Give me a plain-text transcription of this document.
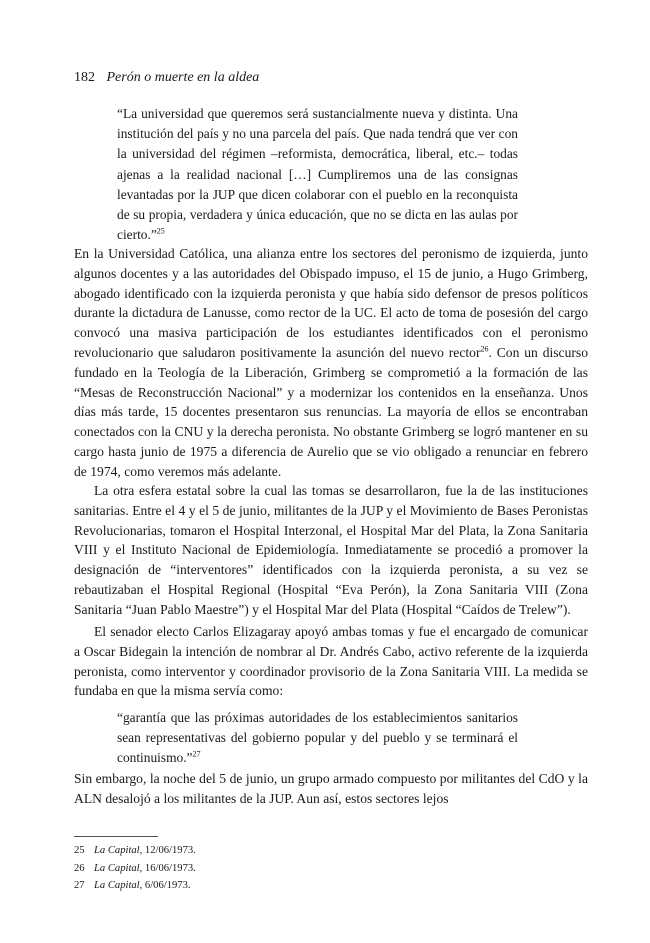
182 Perón o muerte en la aldea

“La universidad que queremos será sustancialmente nueva y distinta. Una institución del país y no una parcela del país. Que nada tendrá que ver con la universidad del régimen –reformista, democrática, liberal, etc.– todas ajenas a la realidad nacional […] Cumpliremos una de las consignas levantadas por la JUP que dicen colaborar con el pueblo en la reconquista de su propia, verdadera y única educación, que no se dicta en las aulas por cierto.”$^{25}$

En la Universidad Católica, una alianza entre los sectores del peronismo de izquierda, junto algunos docentes y a las autoridades del Obispado impuso, el 15 de junio, a Hugo Grimberg, abogado identificado con la izquierda peronista y que había sido defensor de presos políticos durante la dictadura de Lanusse, como rector de la UC. El acto de toma de posesión del cargo convocó una masiva participación de los estudiantes identificados con el peronismo revolucionario que saludaron positivamente la asunción del nuevo rector$^{26}$. Con un discurso fundado en la Teología de la Liberación, Grimberg se comprometió a la formación de las “Mesas de Reconstrucción Nacional” y a modernizar los contenidos en la enseñanza. Unos días más tarde, 15 docentes presentaron sus renuncias. La mayoría de ellos se encontraban conectados con la CNU y la derecha peronista. No obstante Grimberg se logró mantener en su cargo hasta junio de 1975 a diferencia de Aurelio que se vio obligado a renunciar en febrero de 1974, como veremos más adelante.

La otra esfera estatal sobre la cual las tomas se desarrollaron, fue la de las instituciones sanitarias. Entre el 4 y el 5 de junio, militantes de la JUP y el Movimiento de Bases Peronistas Revolucionarias, tomaron el Hospital Interzonal, el Hospital Mar del Plata, la Zona Sanitaria VIII y el Instituto Nacional de Epidemiología. Inmediatamente se procedió a promover la designación de “interventores” identificados con la izquierda peronista, a su vez se rebautizaban el Hospital Regional (Hospital “Eva Perón), la Zona Sanitaria VIII (Zona Sanitaria “Juan Pablo Maestre”) y el Hospital Mar del Plata (Hospital “Caídos de Trelew”).

El senador electo Carlos Elizagaray apoyó ambas tomas y fue el encargado de comunicar a Oscar Bidegain la intención de nombrar al Dr. Andrés Cabo, activo referente de la izquierda peronista, como interventor y coordinador provisorio de la Zona Sanitaria VIII. La medida se fundaba en que la misma servía como:

“garantía que las próximas autoridades de los establecimientos sanitarios sean representativas del gobierno popular y del pueblo y se terminará el continuismo.”$^{27}$

Sin embargo, la noche del 5 de junio, un grupo armado compuesto por militantes del CdO y la ALN desalojó a los militantes de la JUP. Aun así, estos sectores lejos

25 La Capital, 12/06/1973.
26 La Capital, 16/06/1973.
27 La Capital, 6/06/1973.
